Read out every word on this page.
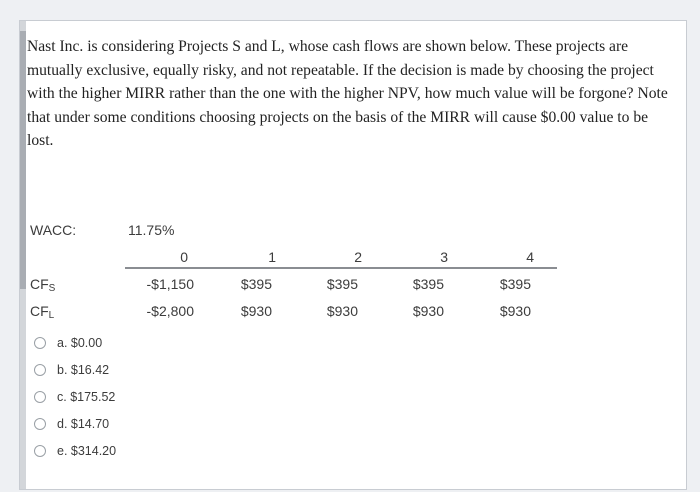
Nast Inc. is considering Projects S and L, whose cash flows are shown below. These projects are mutually exclusive, equally risky, and not repeatable. If the decision is made by choosing the project with the higher MIRR rather than the one with the higher NPV, how much value will be forgone? Note that under some conditions choosing projects on the basis of the MIRR will cause $0.00 value to be lost.
WACC:	11.75%
0	1	2	3	4
$CF_S$	-$1,150	$395	$395	$395	$395
$CF_L$	-$2,800	$930	$930	$930	$930
a. $0.00
b. $16.42
c. $175.52
d. $14.70
e. $314.20
